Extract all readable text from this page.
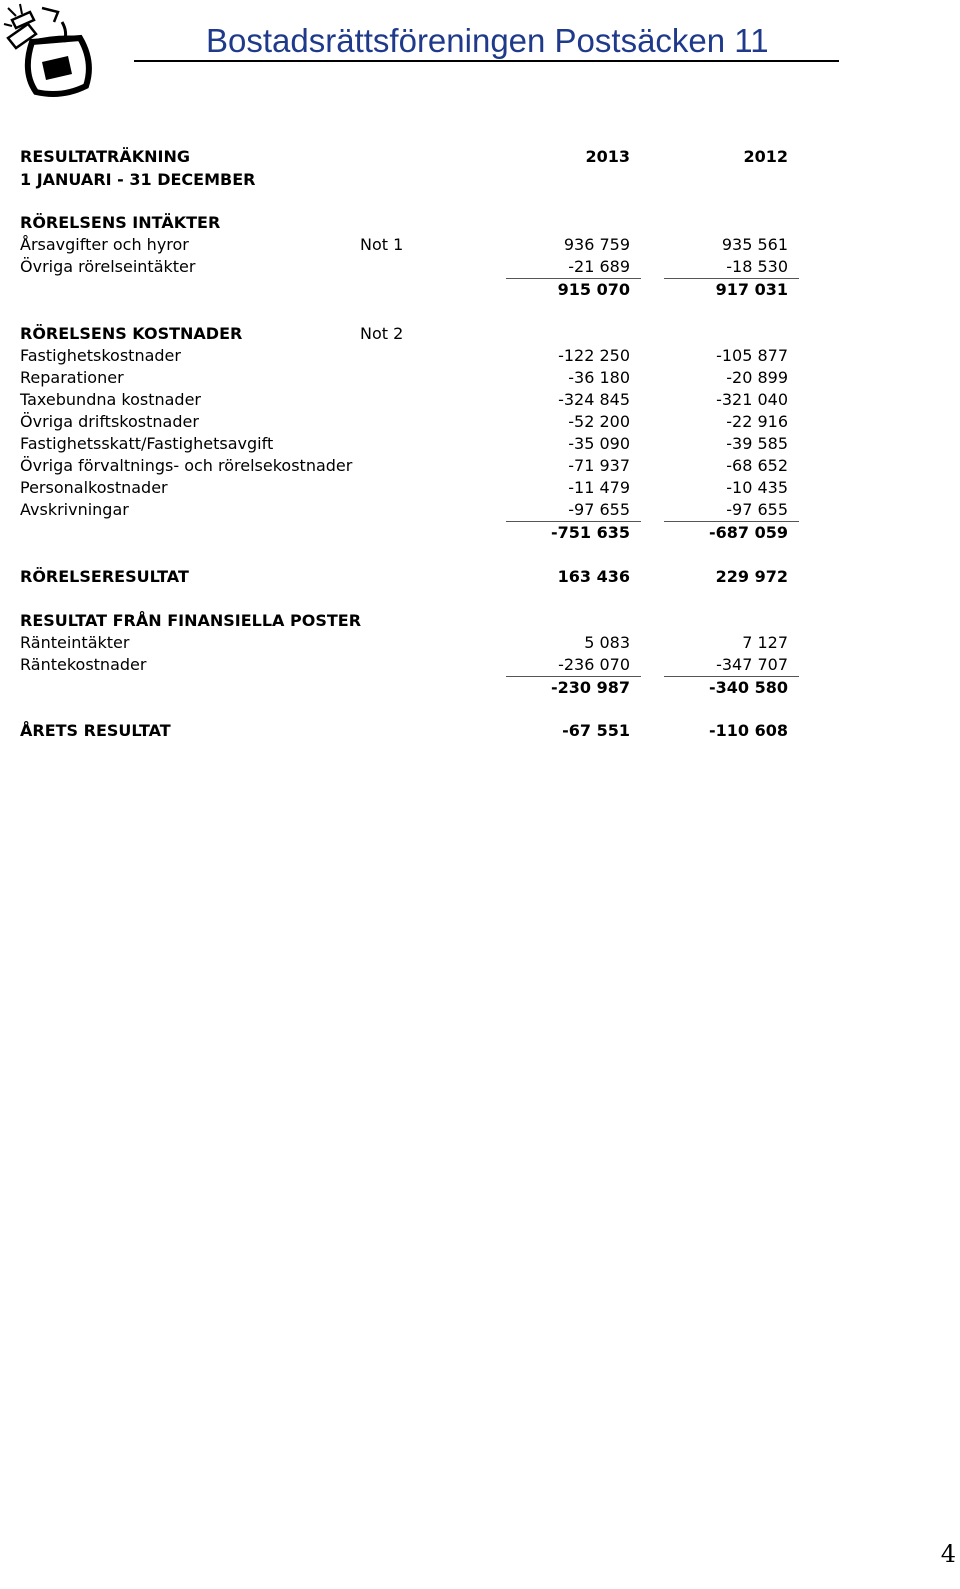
Bostadsrättsföreningen Postsäcken 11
RESULTATRÄKNING	2013	2012
1 JANUARI - 31 DECEMBER
RÖRELSENS INTÄKTER
Årsavgifter och hyror	Not 1	936 759	935 561
Övriga rörelseintäkter	-21 689	-18 530
915 070	917 031
RÖRELSENS KOSTNADER	Not 2
Fastighetskostnader	-122 250	-105 877
Reparationer	-36 180	-20 899
Taxebundna kostnader	-324 845	-321 040
Övriga driftskostnader	-52 200	-22 916
Fastighetsskatt/Fastighetsavgift	-35 090	-39 585
Övriga förvaltnings- och rörelsekostnader	-71 937	-68 652
Personalkostnader	-11 479	-10 435
Avskrivningar	-97 655	-97 655
-751 635	-687 059
RÖRELSERESULTAT	163 436	229 972
RESULTAT FRÅN FINANSIELLA POSTER
Ränteintäkter	5 083	7 127
Räntekostnader	-236 070	-347 707
-230 987	-340 580
ÅRETS RESULTAT	-67 551	-110 608
4
